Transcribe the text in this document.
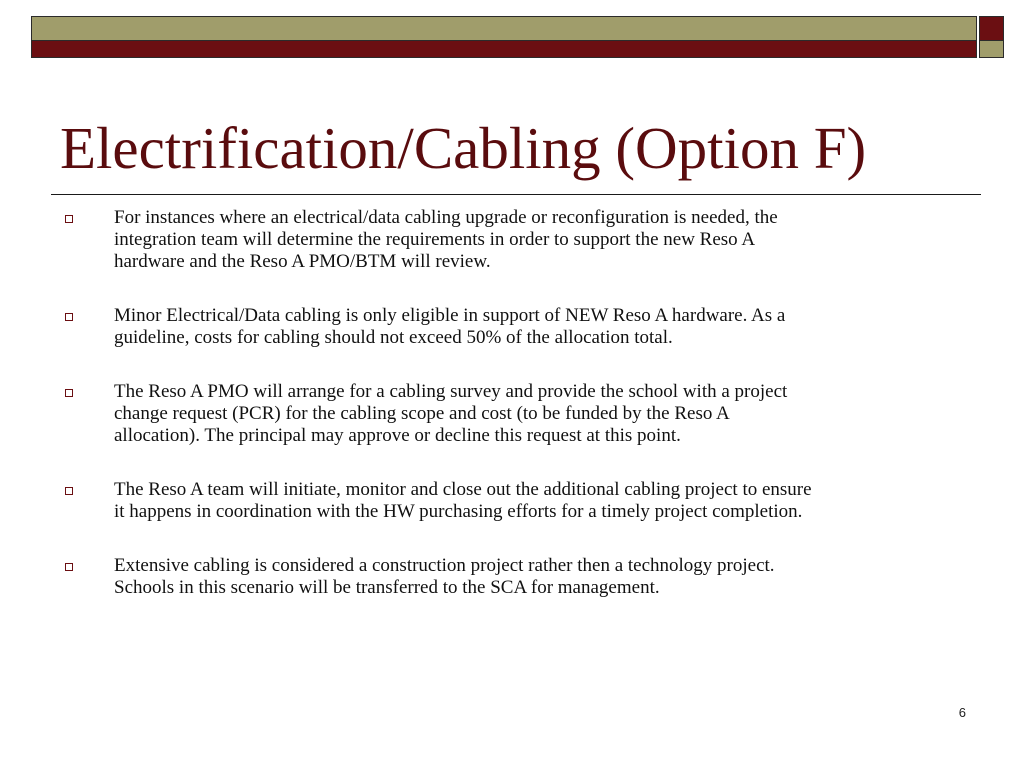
Electrification/Cabling (Option F)
For instances where an electrical/data cabling upgrade or reconfiguration is needed, the
integration team will determine the requirements in order to support the new Reso A
hardware and the Reso A PMO/BTM will review.
Minor Electrical/Data cabling is only eligible in support of NEW Reso A hardware. As a
guideline, costs for cabling should not exceed 50% of the allocation total.
The Reso A PMO will arrange for a cabling survey and provide the school with a project
change request (PCR) for the cabling scope and cost (to be funded by the Reso A
allocation). The principal may approve or decline this request at this point.
The Reso A team will initiate, monitor and close out the additional cabling project to ensure
it happens in coordination with the HW purchasing efforts for a timely project completion.
Extensive cabling is considered a construction project rather then a technology project.
Schools in this scenario will be transferred to the SCA for management.
6
